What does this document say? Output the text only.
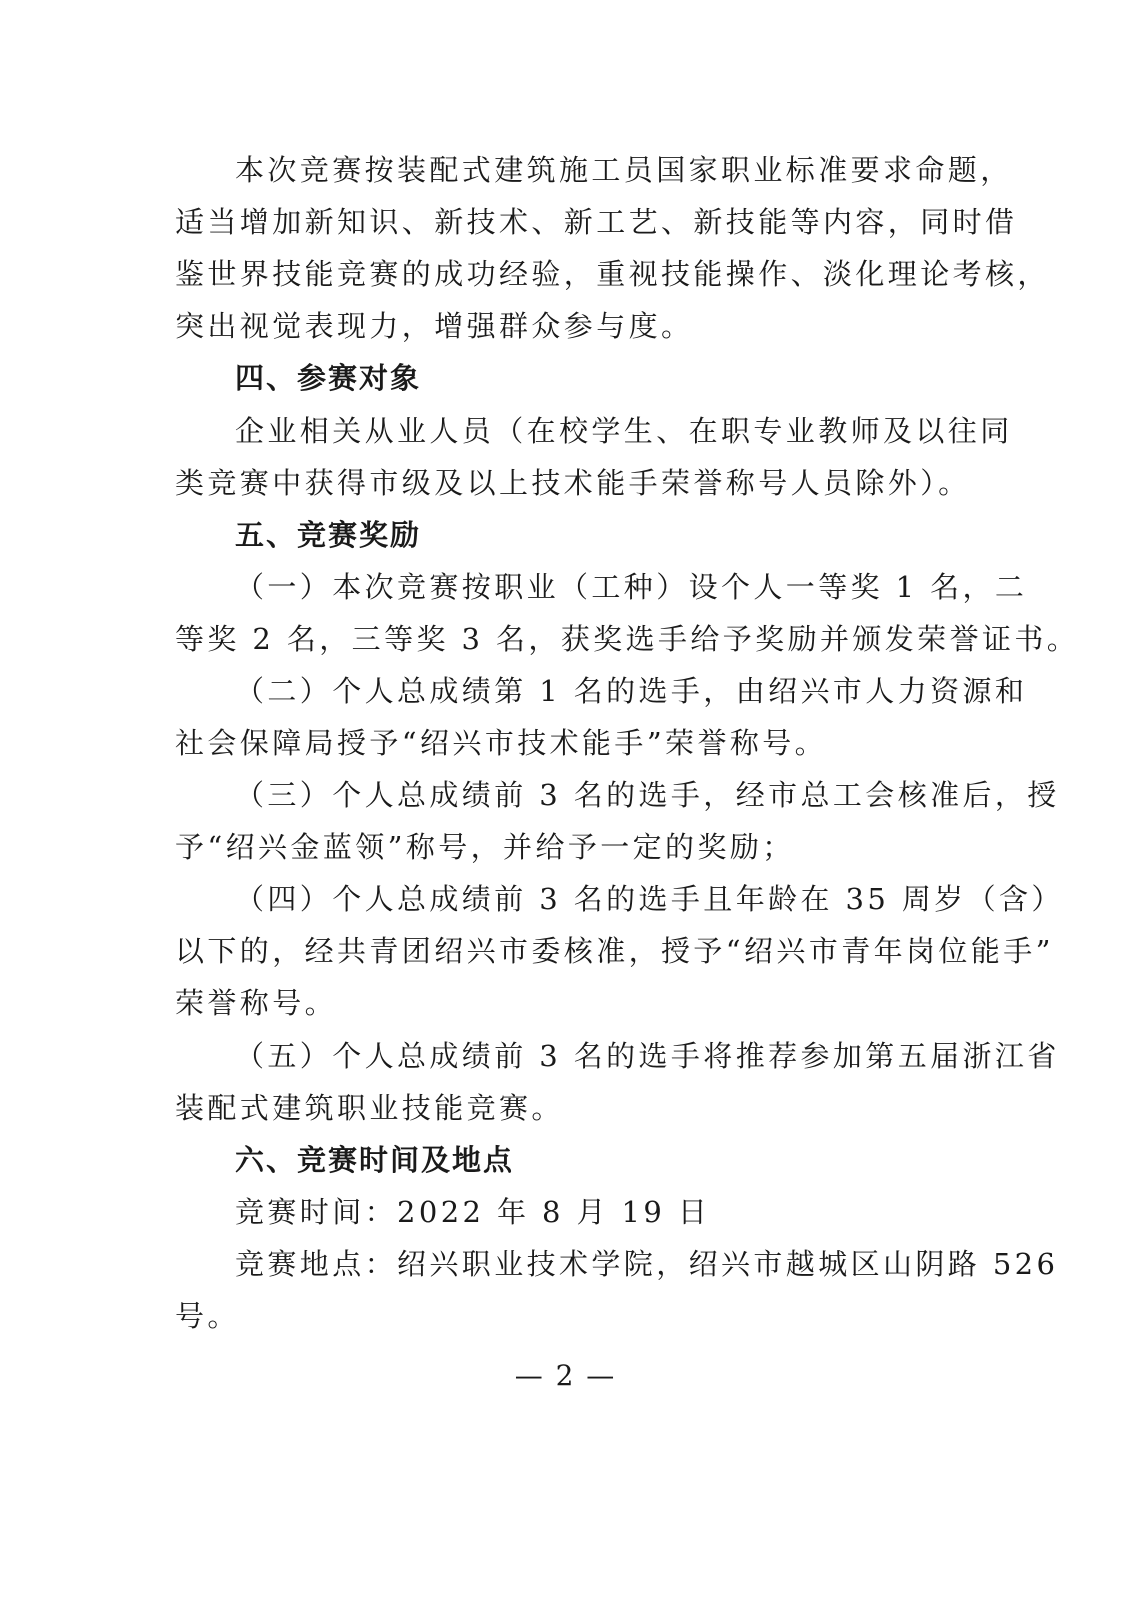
本次竞赛按装配式建筑施工员国家职业标准要求命题，
适当增加新知识、新技术、新工艺、新技能等内容，同时借
鉴世界技能竞赛的成功经验，重视技能操作、淡化理论考核，
突出视觉表现力，增强群众参与度。
四、参赛对象
企业相关从业人员（在校学生、在职专业教师及以往同
类竞赛中获得市级及以上技术能手荣誉称号人员除外）。
五、竞赛奖励
（一）本次竞赛按职业（工种）设个人一等奖 1 名，二
等奖 2 名，三等奖 3 名，获奖选手给予奖励并颁发荣誉证书。
（二）个人总成绩第 1 名的选手，由绍兴市人力资源和
社会保障局授予“绍兴市技术能手”荣誉称号。
（三）个人总成绩前 3 名的选手，经市总工会核准后，授
予“绍兴金蓝领”称号，并给予一定的奖励；
（四）个人总成绩前 3 名的选手且年龄在 35 周岁（含）
以下的，经共青团绍兴市委核准，授予“绍兴市青年岗位能手”
荣誉称号。
（五）个人总成绩前 3 名的选手将推荐参加第五届浙江省
装配式建筑职业技能竞赛。
六、竞赛时间及地点
竞赛时间：2022 年 8 月 19 日
竞赛地点：绍兴职业技术学院，绍兴市越城区山阴路 526
号。
— 2 —
